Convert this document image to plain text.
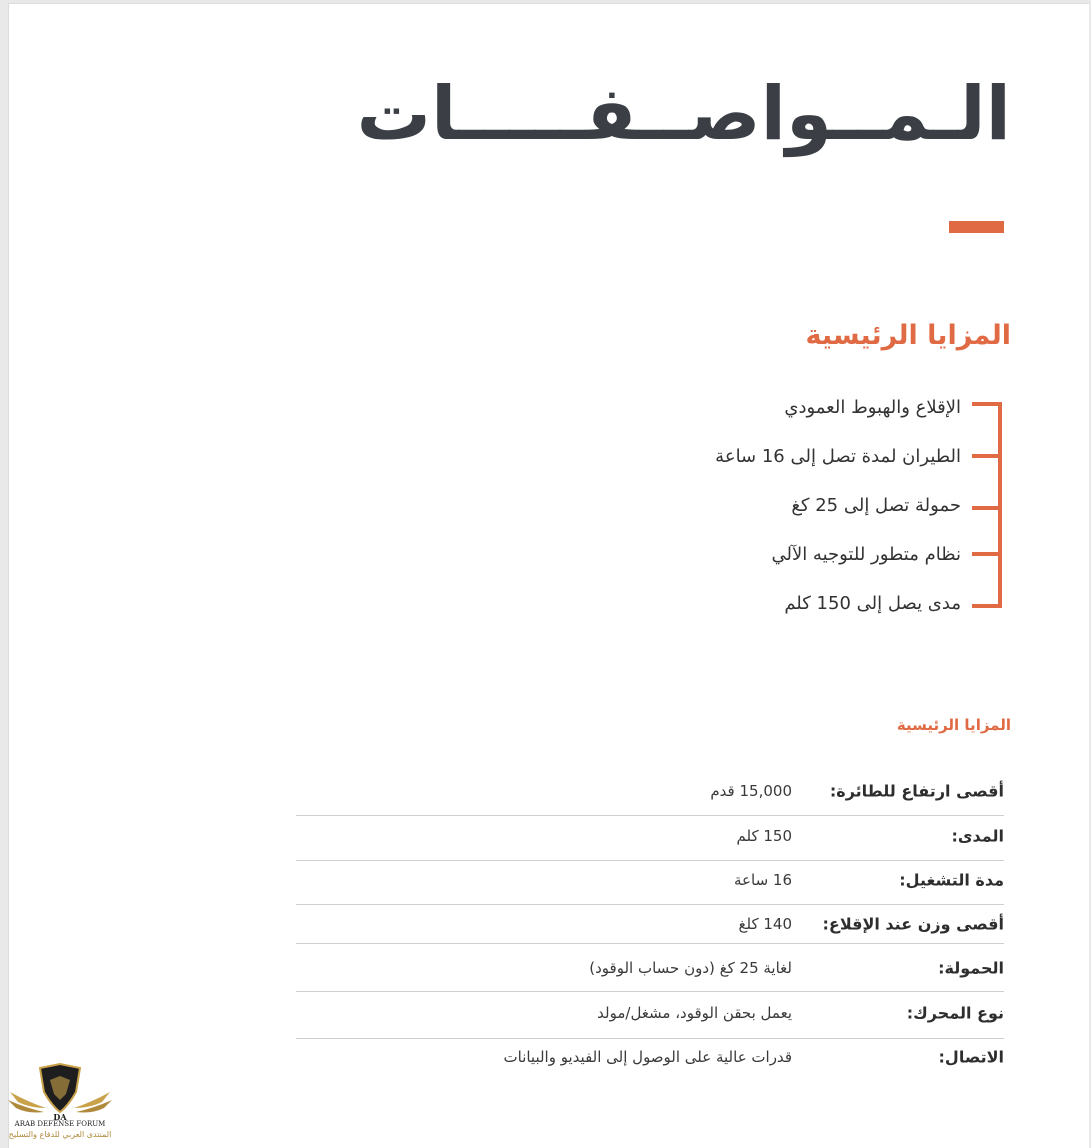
الـمــواصــفـــــات
المزايا الرئيسية
الإقلاع والهبوط العمودي
الطيران لمدة تصل إلى 16 ساعة
حمولة تصل إلى 25 كغ
نظام متطور للتوجيه الآلي
مدى يصل إلى 150 كلم
المزايا الرئيسية
أقصى ارتفاع للطائرة:
15,000 قدم
المدى:
150 كلم
مدة التشغيل:
16 ساعة
أقصى وزن عند الإقلاع:
140 كلغ
الحمولة:
لغاية 25 كغ (دون حساب الوقود)
نوع المحرك:
يعمل بحقن الوقود، مشغل/مولد
الاتصال:
قدرات عالية على الوصول إلى الفيديو والبيانات
DA
ARAB DEFENSE FORUM
المنتدى العربي للدفاع والتسليح
